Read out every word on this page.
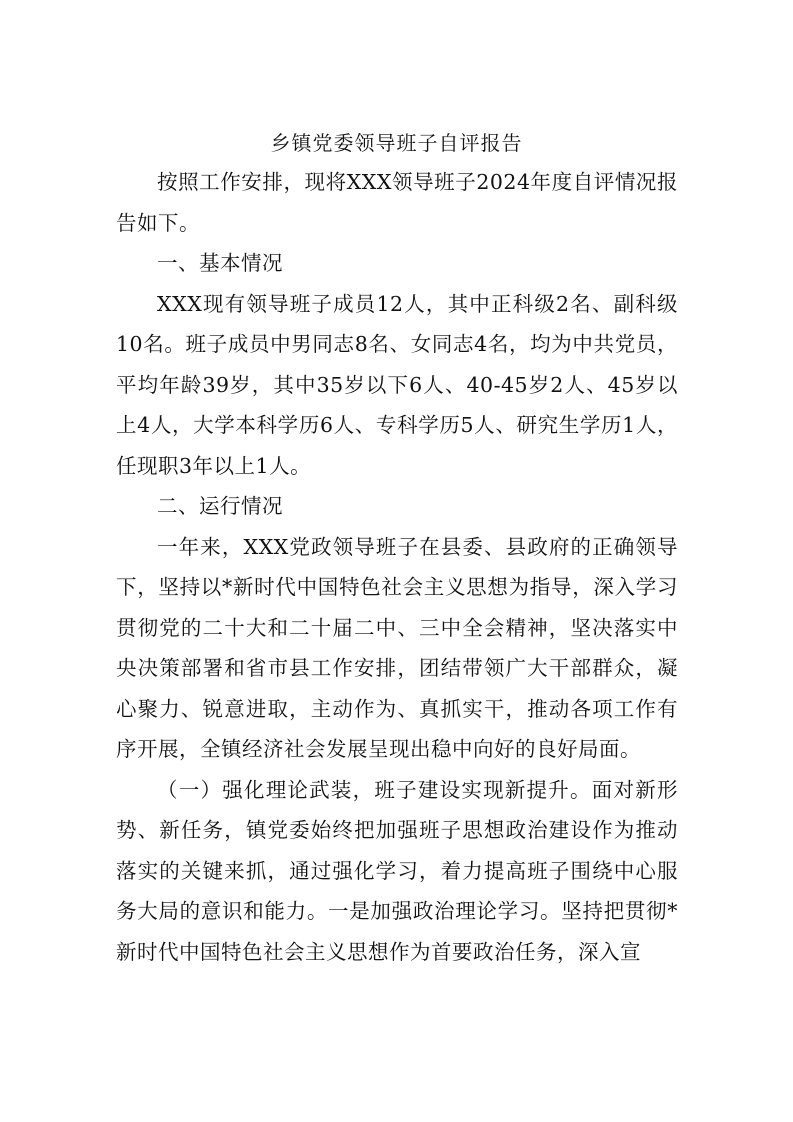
乡镇党委领导班子自评报告

按照工作安排，现将XXX领导班子2024年度自评情况报告如下。

一、基本情况

XXX现有领导班子成员12人，其中正科级2名、副科级10名。班子成员中男同志8名、女同志4名，均为中共党员，平均年龄39岁，其中35岁以下6人、40-45岁2人、45岁以上4人，大学本科学历6人、专科学历5人、研究生学历1人，任现职3年以上1人。

二、运行情况

一年来，XXX党政领导班子在县委、县政府的正确领导下，坚持以*新时代中国特色社会主义思想为指导，深入学习贯彻党的二十大和二十届二中、三中全会精神，坚决落实中央决策部署和省市县工作安排，团结带领广大干部群众，凝心聚力、锐意进取，主动作为、真抓实干，推动各项工作有序开展，全镇经济社会发展呈现出稳中向好的良好局面。

（一）强化理论武装，班子建设实现新提升。面对新形势、新任务，镇党委始终把加强班子思想政治建设作为推动落实的关键来抓，通过强化学习，着力提高班子围绕中心服务大局的意识和能力。一是加强政治理论学习。坚持把贯彻*新时代中国特色社会主义思想作为首要政治任务，深入宣
